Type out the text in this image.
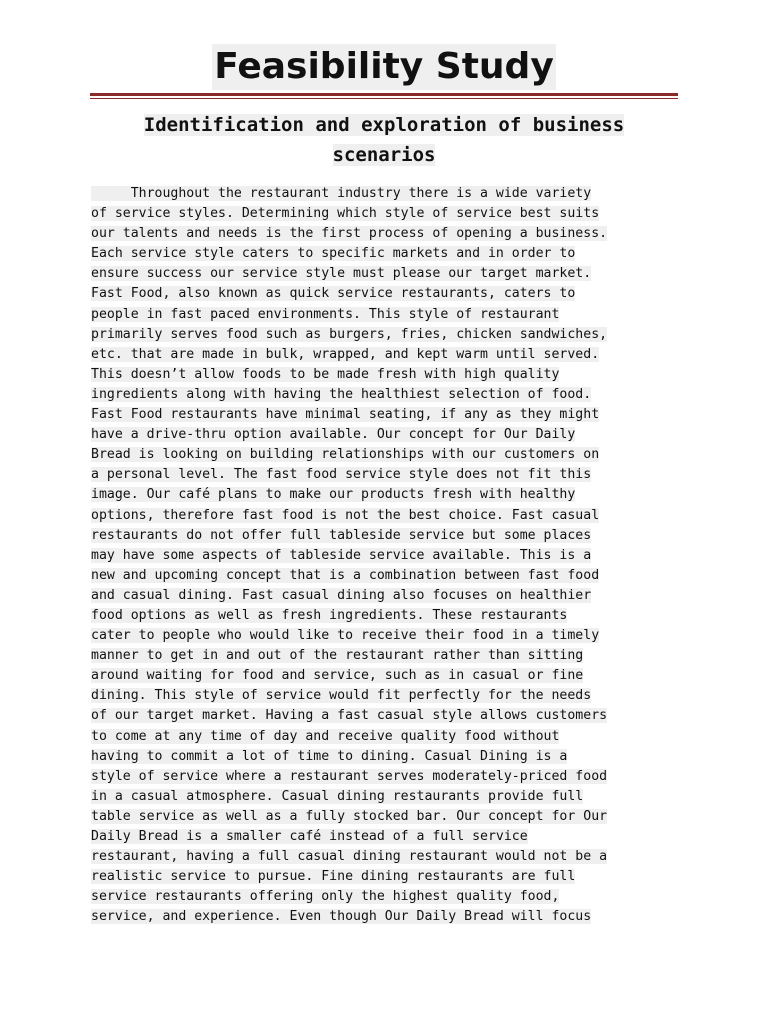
Feasibility Study
Identification and exploration of business
scenarios
Throughout the restaurant industry there is a wide variety
of service styles. Determining which style of service best suits
our talents and needs is the first process of opening a business.
Each service style caters to specific markets and in order to
ensure success our service style must please our target market.
Fast Food, also known as quick service restaurants, caters to
people in fast paced environments. This style of restaurant
primarily serves food such as burgers, fries, chicken sandwiches,
etc. that are made in bulk, wrapped, and kept warm until served.
This doesn’t allow foods to be made fresh with high quality
ingredients along with having the healthiest selection of food.
Fast Food restaurants have minimal seating, if any as they might
have a drive-thru option available. Our concept for Our Daily
Bread is looking on building relationships with our customers on
a personal level. The fast food service style does not fit this
image. Our café plans to make our products fresh with healthy
options, therefore fast food is not the best choice. Fast casual
restaurants do not offer full tableside service but some places
may have some aspects of tableside service available. This is a
new and upcoming concept that is a combination between fast food
and casual dining. Fast casual dining also focuses on healthier
food options as well as fresh ingredients. These restaurants
cater to people who would like to receive their food in a timely
manner to get in and out of the restaurant rather than sitting
around waiting for food and service, such as in casual or fine
dining. This style of service would fit perfectly for the needs
of our target market. Having a fast casual style allows customers
to come at any time of day and receive quality food without
having to commit a lot of time to dining. Casual Dining is a
style of service where a restaurant serves moderately-priced food
in a casual atmosphere. Casual dining restaurants provide full
table service as well as a fully stocked bar. Our concept for Our
Daily Bread is a smaller café instead of a full service
restaurant, having a full casual dining restaurant would not be a
realistic service to pursue. Fine dining restaurants are full
service restaurants offering only the highest quality food,
service, and experience. Even though Our Daily Bread will focus
